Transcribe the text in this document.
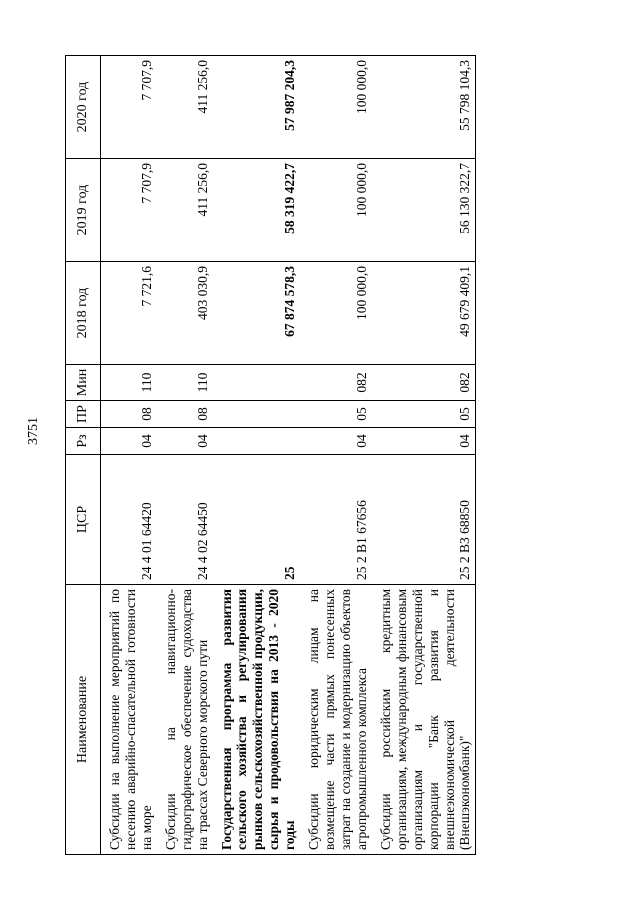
3751
Наименование	ЦСР	Рз	ПР	Мин	2018 год	2019 год	2020 год
Субсидии на выполнение мероприятий по несению аварийно-спасательной готовности на море	24 4 01 64420	04	08	110	7 721,6	7 707,9	7 707,9
Субсидии на навигационно-гидрографическое обеспечение судоходства на трассах Северного морского пути	24 4 02 64450	04	08	110	403 030,9	411 256,0	411 256,0
Государственная программа развития сельского хозяйства и регулирования рынков сельскохозяйственной продукции, сырья и продовольствия на 2013 - 2020 годы	25				67 874 578,3	58 319 422,7	57 987 204,3
Субсидии юридическим лицам на возмещение части прямых понесенных затрат на создание и модернизацию объектов агропромышленного комплекса	25 2 В1 67656	04	05	082	100 000,0	100 000,0	100 000,0
Субсидии российским кредитным организациям, международным финансовым организациям и государственной корпорации "Банк развития и внешнеэкономической деятельности (Внешэкономбанк)"	25 2 В3 68850	04	05	082	49 679 409,1	56 130 322,7	55 798 104,3
